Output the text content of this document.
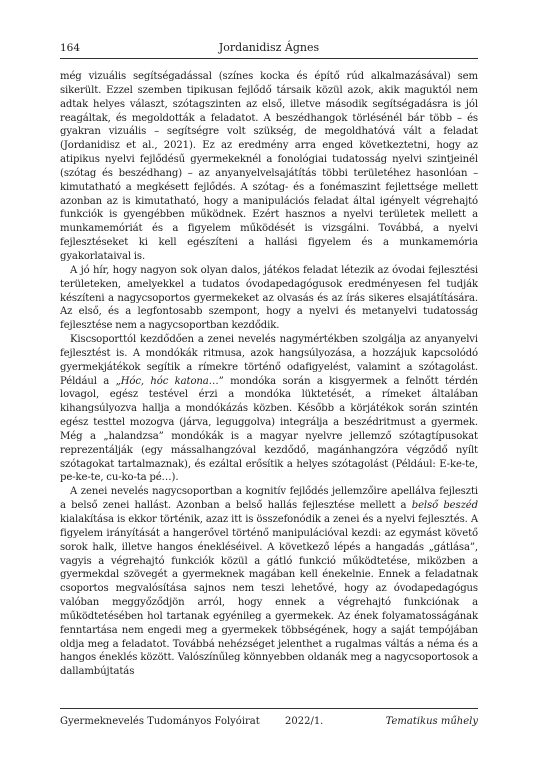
164	Jordanidisz Ágnes

még vizuális segítségadással (színes kocka és építő rúd alkalmazásával) sem sikerült. Ezzel szemben tipikusan fejlődő társaik közül azok, akik maguktól nem adtak helyes választ, szótagszinten az első, illetve második segítségadásra is jól reagáltak, és megoldották a feladatot. A beszédhangok törlésénél bár több – és gyakran vizuális – segítségre volt szükség, de megoldhatóvá vált a feladat (Jordanidisz et al., 2021). Ez az eredmény arra enged következtetni, hogy az atipikus nyelvi fejlődésű gyermekeknél a fonológiai tudatosság nyelvi szintjeinél (szótag és beszédhang) – az anyanyelvelsajátítás többi területéhez hasonlóan – kimutatható a megkésett fejlődés. A szótag- és a fonémaszint fejlettsége mellett azonban az is kimutatható, hogy a manipulációs feladat által igényelt végrehajtó funkciók is gyengébben működnek. Ezért hasznos a nyelvi területek mellett a munkamemóriát és a figyelem működését is vizsgálni. Továbbá, a nyelvi fejlesztéseket ki kell egészíteni a hallási figyelem és a munkamemória gyakorlataival is.

A jó hír, hogy nagyon sok olyan dalos, játékos feladat létezik az óvodai fejlesztési területeken, amelyekkel a tudatos óvodapedagógusok eredményesen fel tudják készíteni a nagycsoportos gyermekeket az olvasás és az írás sikeres elsajátítására. Az első, és a legfontosabb szempont, hogy a nyelvi és metanyelvi tudatosság fejlesztése nem a nagycsoportban kezdődik.

Kiscsoporttól kezdődően a zenei nevelés nagymértékben szolgálja az anyanyelvi fejlesztést is. A mondókák ritmusa, azok hangsúlyozása, a hozzájuk kapcsolódó gyermekjátékok segítik a rímekre történő odafigyelést, valamint a szótagolást. Például a „Hóc, hóc katona…” mondóka során a kisgyermek a felnőtt térdén lovagol, egész testével érzi a mondóka lüktetését, a rímeket általában kihangsúlyozva hallja a mondókázás közben. Később a körjátékok során szintén egész testtel mozogva (járva, leguggolva) integrálja a beszédritmust a gyermek. Még a „halandzsa” mondókák is a magyar nyelvre jellemző szótagtípusokat reprezentálják (egy mássalhangzóval kezdődő, magánhangzóra végződő nyílt szótagokat tartalmaznak), és ezáltal erősítik a helyes szótagolást (Például: E-ke-te, pe-ke-te, cu-ko-ta pé…).

A zenei nevelés nagycsoportban a kognitív fejlődés jellemzőire apellálva fejleszti a belső zenei hallást. Azonban a belső hallás fejlesztése mellett a belső beszéd kialakítása is ekkor történik, azaz itt is összefonódik a zenei és a nyelvi fejlesztés. A figyelem irányítását a hangerővel történő manipulációval kezdi: az egymást követő sorok halk, illetve hangos énekléséivel. A következő lépés a hangadás „gátlása”, vagyis a végrehajtó funkciók közül a gátló funkció működtetése, miközben a gyermekdal szövegét a gyermeknek magában kell énekelnie. Ennek a feladatnak csoportos megvalósítása sajnos nem teszi lehetővé, hogy az óvodapedagógus valóban meggyőződjön arról, hogy ennek a végrehajtó funkciónak a működtetésében hol tartanak egyénileg a gyermekek. Az ének folyamatosságának fenntartása nem engedi meg a gyermekek többségének, hogy a saját tempójában oldja meg a feladatot. Továbbá nehézséget jelenthet a rugalmas váltás a néma és a hangos éneklés között. Valószínűleg könnyebben oldanák meg a nagycsoportosok a dallambújtatás

Gyermeknevelés Tudományos Folyóirat	2022/1.	Tematikus műhely
